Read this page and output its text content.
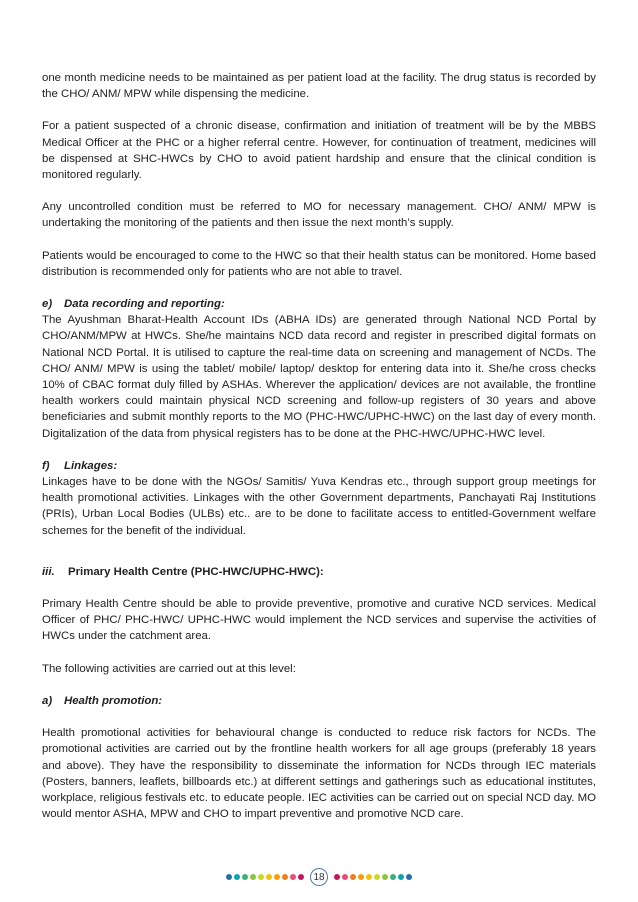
one month medicine needs to be maintained as per patient load at the facility. The drug status is recorded by the CHO/ ANM/ MPW while dispensing the medicine.

For a patient suspected of a chronic disease, confirmation and initiation of treatment will be by the MBBS Medical Officer at the PHC or a higher referral centre. However, for continuation of treatment, medicines will be dispensed at SHC-HWCs by CHO to avoid patient hardship and ensure that the clinical condition is monitored regularly.

Any uncontrolled condition must be referred to MO for necessary management. CHO/ ANM/ MPW is undertaking the monitoring of the patients and then issue the next month’s supply.

Patients would be encouraged to come to the HWC so that their health status can be monitored. Home based distribution is recommended only for patients who are not able to travel.

e) Data recording and reporting:

The Ayushman Bharat-Health Account IDs (ABHA IDs) are generated through National NCD Portal by CHO/ANM/MPW at HWCs. She/he maintains NCD data record and register in prescribed digital formats on National NCD Portal. It is utilised to capture the real-time data on screening and management of NCDs. The CHO/ ANM/ MPW is using the tablet/ mobile/ laptop/ desktop for entering data into it. She/he cross checks 10% of CBAC format duly filled by ASHAs. Wherever the application/ devices are not available, the frontline health workers could maintain physical NCD screening and follow-up registers of 30 years and above beneficiaries and submit monthly reports to the MO (PHC-HWC/UPHC-HWC) on the last day of every month. Digitalization of the data from physical registers has to be done at the PHC-HWC/UPHC-HWC level.

f) Linkages:

Linkages have to be done with the NGOs/ Samitis/ Yuva Kendras etc., through support group meetings for health promotional activities. Linkages with the other Government departments, Panchayati Raj Institutions (PRIs), Urban Local Bodies (ULBs) etc.. are to be done to facilitate access to entitled-Government welfare schemes for the benefit of the individual.

iii. Primary Health Centre (PHC-HWC/UPHC-HWC):

Primary Health Centre should be able to provide preventive, promotive and curative NCD services. Medical Officer of PHC/ PHC-HWC/ UPHC-HWC would implement the NCD services and supervise the activities of HWCs under the catchment area.

The following activities are carried out at this level:

a) Health promotion:

Health promotional activities for behavioural change is conducted to reduce risk factors for NCDs. The promotional activities are carried out by the frontline health workers for all age groups (preferably 18 years and above). They have the responsibility to disseminate the information for NCDs through IEC materials (Posters, banners, leaflets, billboards etc.) at different settings and gatherings such as educational institutes, workplace, religious festivals etc. to educate people. IEC activities can be carried out on special NCD day. MO would mentor ASHA, MPW and CHO to impart preventive and promotive NCD care.

18
